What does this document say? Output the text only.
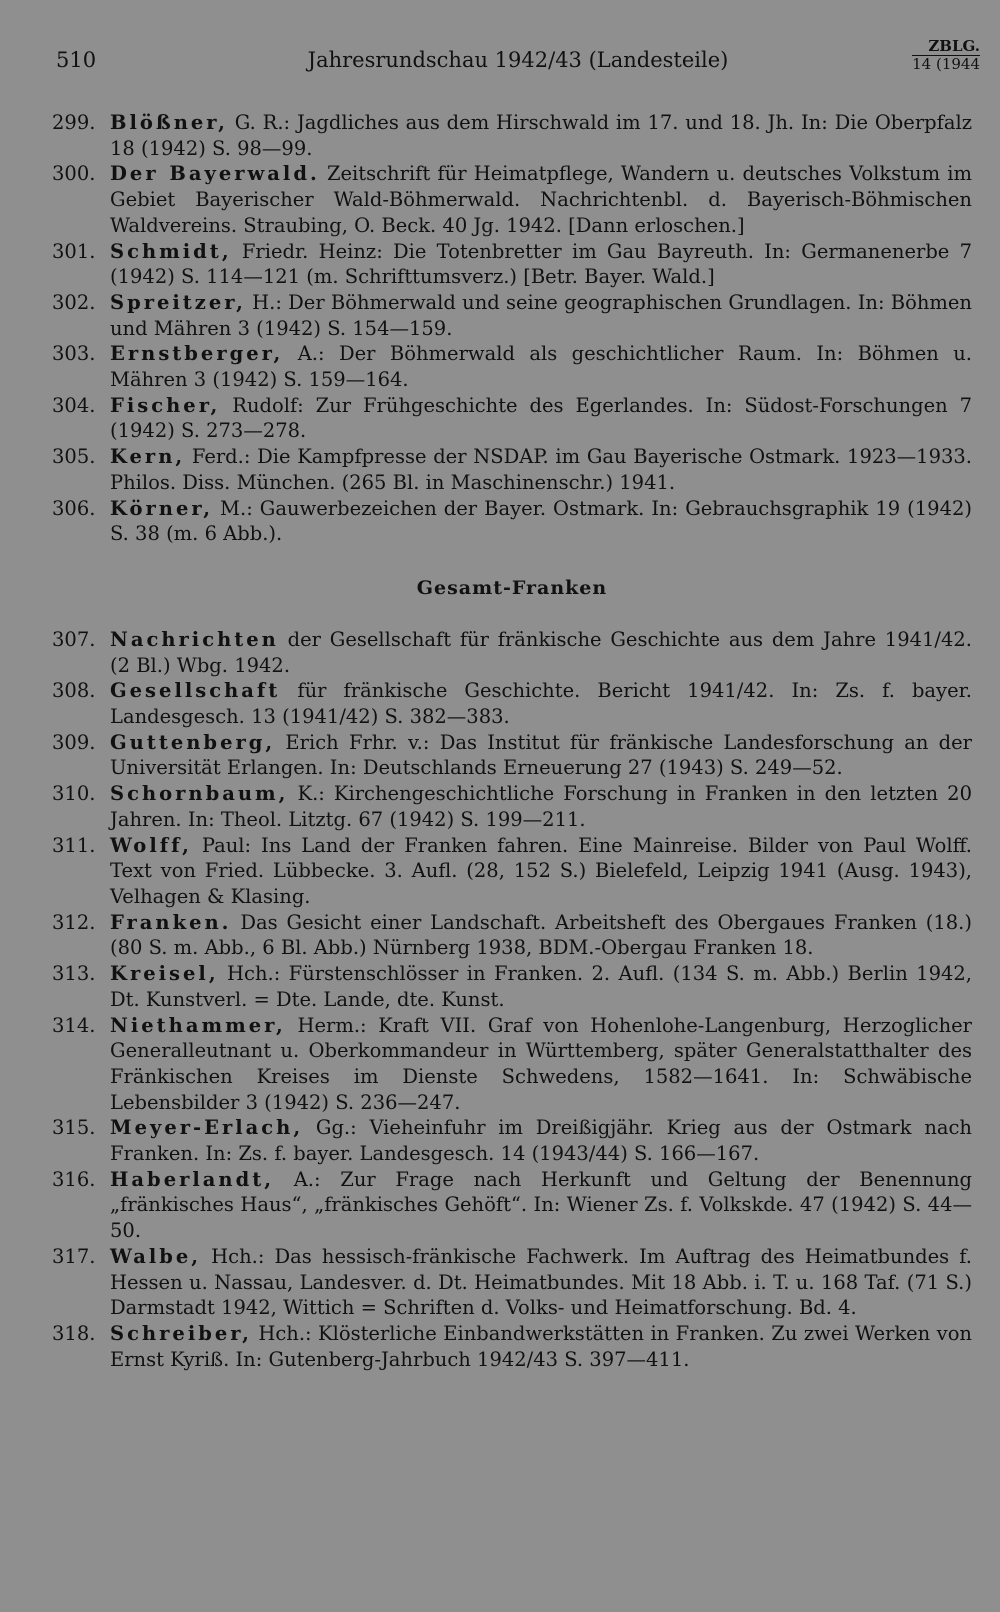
510	Jahresrundschau 1942/43 (Landesteile)
ZBLG.
14 (1944
299. Blößner, G. R.: Jagdliches aus dem Hirschwald im 17. und 18. Jh. In: Die Oberpfalz 18 (1942) S. 98—99.
300. Der Bayerwald. Zeitschrift für Heimatpflege, Wandern u. deutsches Volkstum im Gebiet Bayerischer Wald-Böhmerwald. Nachrichtenbl. d. Bayerisch-Böhmischen Waldvereins. Straubing, O. Beck. 40 Jg. 1942. [Dann erloschen.]
301. Schmidt, Friedr. Heinz: Die Totenbretter im Gau Bayreuth. In: Germanenerbe 7 (1942) S. 114—121 (m. Schrifttumsverz.) [Betr. Bayer. Wald.]
302. Spreitzer, H.: Der Böhmerwald und seine geographischen Grundlagen. In: Böhmen und Mähren 3 (1942) S. 154—159.
303. Ernstberger, A.: Der Böhmerwald als geschichtlicher Raum. In: Böhmen u. Mähren 3 (1942) S. 159—164.
304. Fischer, Rudolf: Zur Frühgeschichte des Egerlandes. In: Südost-Forschungen 7 (1942) S. 273—278.
305. Kern, Ferd.: Die Kampfpresse der NSDAP. im Gau Bayerische Ostmark. 1923—1933. Philos. Diss. München. (265 Bl. in Maschinenschr.) 1941.
306. Körner, M.: Gauwerbezeichen der Bayer. Ostmark. In: Gebrauchsgraphik 19 (1942) S. 38 (m. 6 Abb.).
Gesamt-Franken
307. Nachrichten der Gesellschaft für fränkische Geschichte aus dem Jahre 1941/42. (2 Bl.) Wbg. 1942.
308. Gesellschaft für fränkische Geschichte. Bericht 1941/42. In: Zs. f. bayer. Landesgesch. 13 (1941/42) S. 382—383.
309. Guttenberg, Erich Frhr. v.: Das Institut für fränkische Landesforschung an der Universität Erlangen. In: Deutschlands Erneuerung 27 (1943) S. 249—52.
310. Schornbaum, K.: Kirchengeschichtliche Forschung in Franken in den letzten 20 Jahren. In: Theol. Litztg. 67 (1942) S. 199—211.
311. Wolff, Paul: Ins Land der Franken fahren. Eine Mainreise. Bilder von Paul Wolff. Text von Fried. Lübbecke. 3. Aufl. (28, 152 S.) Bielefeld, Leipzig 1941 (Ausg. 1943), Velhagen & Klasing.
312. Franken. Das Gesicht einer Landschaft. Arbeitsheft des Obergaues Franken (18.) (80 S. m. Abb., 6 Bl. Abb.) Nürnberg 1938, BDM.-Obergau Franken 18.
313. Kreisel, Hch.: Fürstenschlösser in Franken. 2. Aufl. (134 S. m. Abb.) Berlin 1942, Dt. Kunstverl. = Dte. Lande, dte. Kunst.
314. Niethammer, Herm.: Kraft VII. Graf von Hohenlohe-Langenburg, Herzoglicher Generalleutnant u. Oberkommandeur in Württemberg, später Generalstatthalter des Fränkischen Kreises im Dienste Schwedens, 1582—1641. In: Schwäbische Lebensbilder 3 (1942) S. 236—247.
315. Meyer-Erlach, Gg.: Vieheinfuhr im Dreißigjähr. Krieg aus der Ostmark nach Franken. In: Zs. f. bayer. Landesgesch. 14 (1943/44) S. 166—167.
316. Haberlandt, A.: Zur Frage nach Herkunft und Geltung der Benennung „fränkisches Haus“, „fränkisches Gehöft“. In: Wiener Zs. f. Volkskde. 47 (1942) S. 44—50.
317. Walbe, Hch.: Das hessisch-fränkische Fachwerk. Im Auftrag des Heimatbundes f. Hessen u. Nassau, Landesver. d. Dt. Heimatbundes. Mit 18 Abb. i. T. u. 168 Taf. (71 S.) Darmstadt 1942, Wittich = Schriften d. Volks- und Heimatforschung. Bd. 4.
318. Schreiber, Hch.: Klösterliche Einbandwerkstätten in Franken. Zu zwei Werken von Ernst Kyriß. In: Gutenberg-Jahrbuch 1942/43 S. 397—411.
